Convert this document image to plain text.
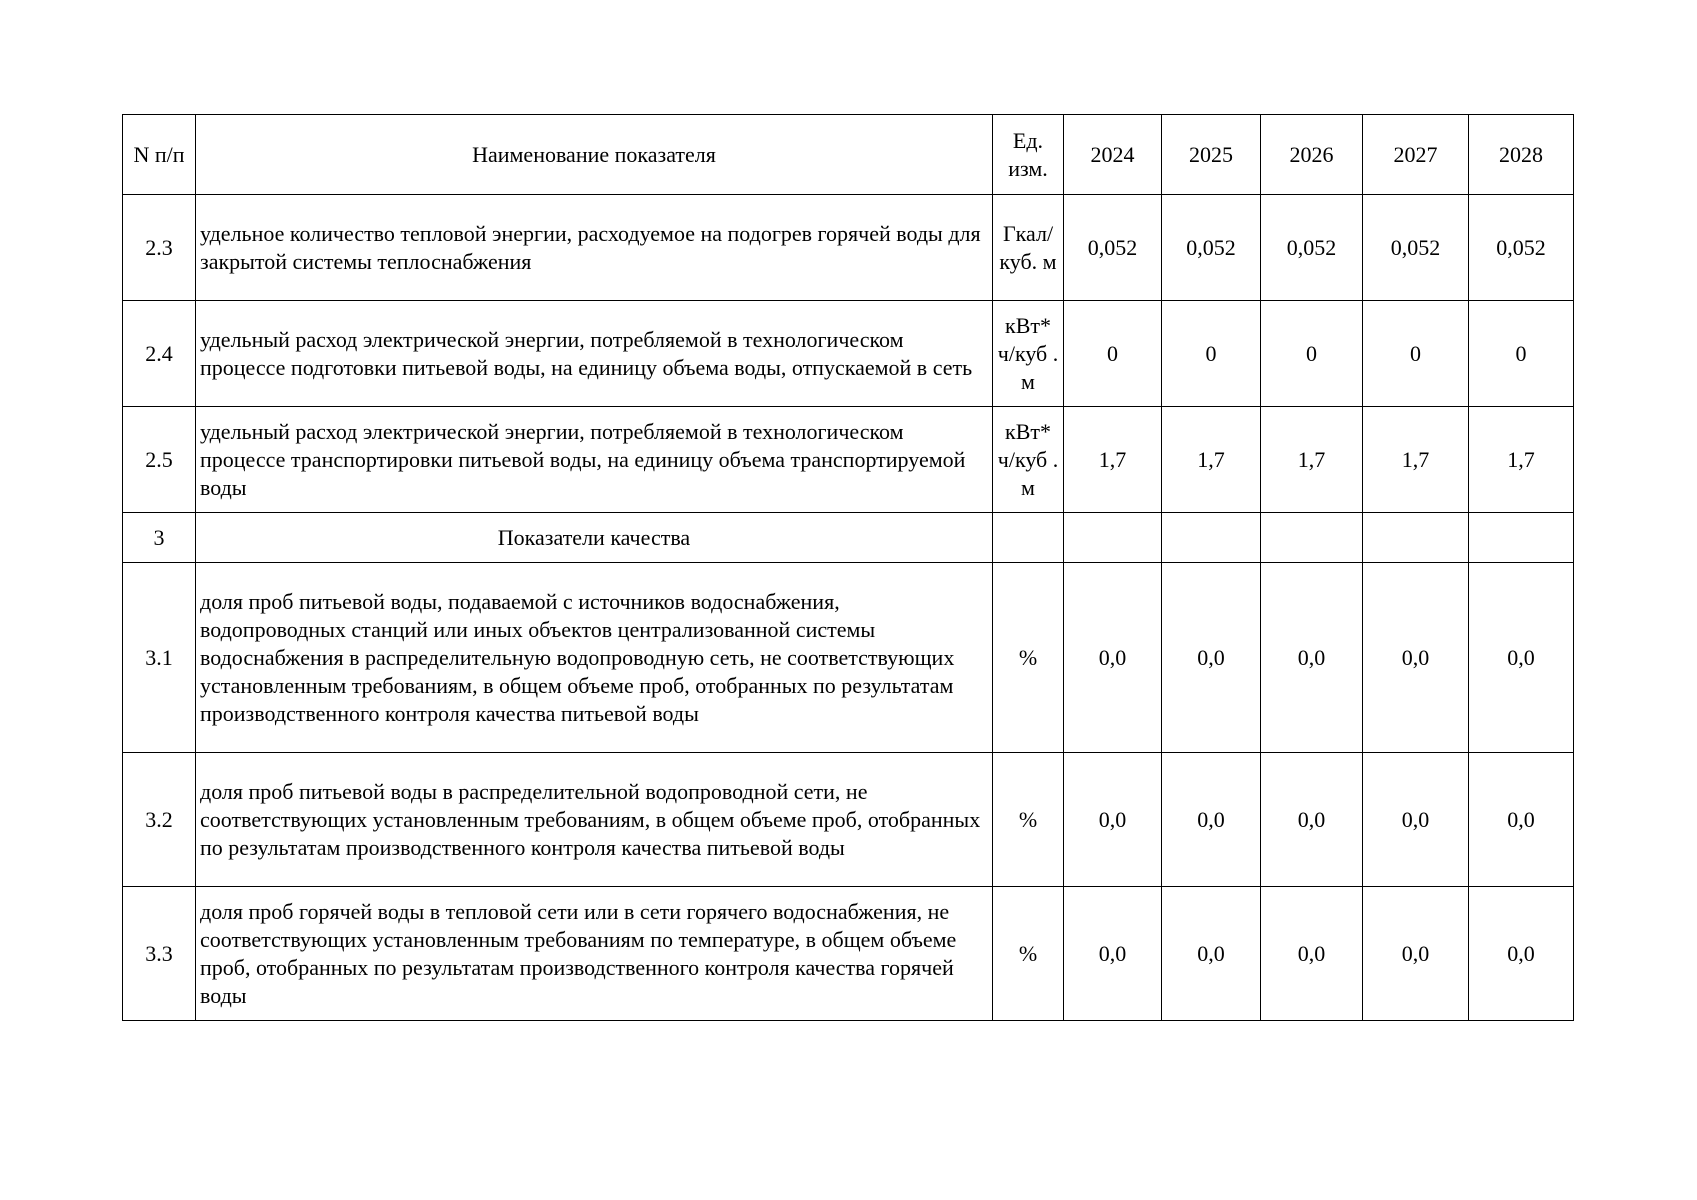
N п/п	Наименование показателя	Ед. изм.	2024	2025	2026	2027	2028
2.3	удельное количество тепловой энергии, расходуемое на подогрев горячей воды для закрытой системы теплоснабжения	Гкал/ куб. м	0,052	0,052	0,052	0,052	0,052
2.4	удельный расход электрической энергии, потребляемой в технологическом процессе подготовки питьевой воды, на единицу объема воды, отпускаемой в сеть	кВт* ч/куб . м	0	0	0	0	0
2.5	удельный расход электрической энергии, потребляемой в технологическом процессе транспортировки питьевой воды, на единицу объема транспортируемой воды	кВт* ч/куб . м	1,7	1,7	1,7	1,7	1,7
3	Показатели качества						
3.1	доля проб питьевой воды, подаваемой с источников водоснабжения, водопроводных станций или иных объектов централизованной системы водоснабжения в распределительную водопроводную сеть, не соответствующих установленным требованиям, в общем объеме проб, отобранных по результатам производственного контроля качества питьевой воды	%	0,0	0,0	0,0	0,0	0,0
3.2	доля проб питьевой воды в распределительной водопроводной сети, не соответствующих установленным требованиям, в общем объеме проб, отобранных по результатам производственного контроля качества питьевой воды	%	0,0	0,0	0,0	0,0	0,0
3.3	доля проб горячей воды в тепловой сети или в сети горячего водоснабжения, не соответствующих установленным требованиям по температуре, в общем объеме проб, отобранных по результатам производственного контроля качества горячей воды	%	0,0	0,0	0,0	0,0	0,0
